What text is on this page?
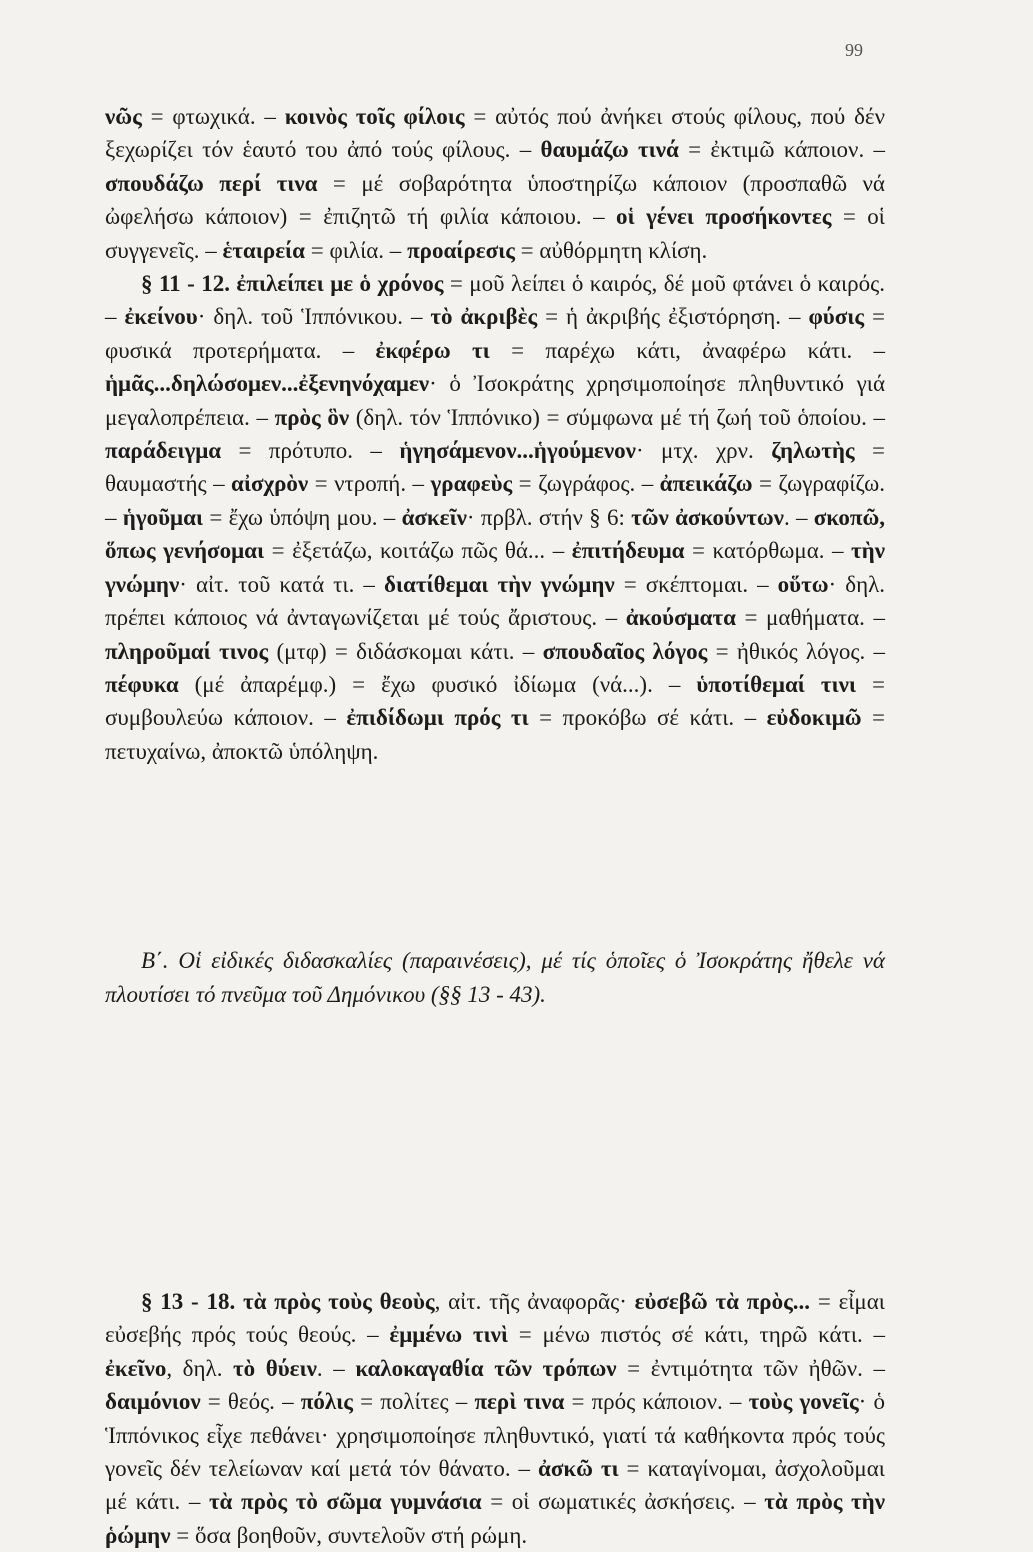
99

νῶς = φτωχικά. – κοινὸς τοῖς φίλοις = αὐτός πού ἀνήκει στούς φίλους, πού δέν ξεχωρίζει τόν ἑαυτό του ἀπό τούς φίλους. – θαυμάζω τινά = ἐκτιμῶ κάποιον. – σπουδάζω περί τινα = μέ σοβαρότητα ὑποστηρίζω κάποιον (προσπαθῶ νά ὠφελήσω κάποιον) = ἐπιζητῶ τή φιλία κάποιου. – οἱ γένει προσήκοντες = οἱ συγγενεῖς. – ἑταιρεία = φιλία. – προαίρεσις = αὐθόρμητη κλίση.

§ 11 - 12. ἐπιλείπει με ὁ χρόνος = μοῦ λείπει ὁ καιρός, δέ μοῦ φτάνει ὁ καιρός. – ἐκείνου· δηλ. τοῦ Ἱππόνικου. – τὸ ἀκριβὲς = ἡ ἀκριβής ἐξιστόρηση. – φύσις = φυσικά προτερήματα. – ἐκφέρω τι = παρέχω κάτι, ἀναφέρω κάτι. – ἡμᾶς...δηλώσομεν...ἐξενηνόχαμεν· ὁ Ἰσοκράτης χρησιμοποίησε πληθυντικό γιά μεγαλοπρέπεια. – πρὸς ὃν (δηλ. τόν Ἱππόνικο) = σύμφωνα μέ τή ζωή τοῦ ὁποίου. – παράδειγμα = πρότυπο. – ἡγησάμενον...ἡγούμενον· μτχ. χρν. ζηλωτὴς = θαυμαστής – αἰσχρὸν = ντροπή. – γραφεὺς = ζωγράφος. – ἀπεικάζω = ζωγραφίζω. – ἡγοῦμαι = ἔχω ὑπόψη μου. – ἀσκεῖν· πρβλ. στήν § 6: τῶν ἀσκούντων. – σκοπῶ, ὅπως γενήσομαι = ἐξετάζω, κοιτάζω πῶς θά... – ἐπιτήδευμα = κατόρθωμα. – τὴν γνώμην· αἰτ. τοῦ κατά τι. – διατίθεμαι τὴν γνώμην = σκέπτομαι. – οὕτω· δηλ. πρέπει κάποιος νά ἀνταγωνίζεται μέ τούς ἄριστους. – ἀκούσματα = μαθήματα. – πληροῦμαί τινος (μτφ) = διδάσκομαι κάτι. – σπουδαῖος λόγος = ἠθικός λόγος. – πέφυκα (μέ ἀπαρέμφ.) = ἔχω φυσικό ἰδίωμα (νά...). – ὑποτίθεμαί τινι = συμβουλεύω κάποιον. – ἐπιδίδωμι πρός τι = προκόβω σέ κάτι. – εὐδοκιμῶ = πετυχαίνω, ἀποκτῶ ὑπόληψη.

Β΄. Οἱ εἰδικές διδασκαλίες (παραινέσεις), μέ τίς ὁποῖες ὁ Ἰσοκράτης ἤθελε νά πλουτίσει τό πνεῦμα τοῦ Δημόνικου (§§ 13 - 43).

§ 13 - 18. τὰ πρὸς τοὺς θεοὺς, αἰτ. τῆς ἀναφορᾶς· εὐσεβῶ τὰ πρὸς... = εἶμαι εὐσεβής πρός τούς θεούς. – ἐμμένω τινὶ = μένω πιστός σέ κάτι, τηρῶ κάτι. – ἐκεῖνο, δηλ. τὸ θύειν. – καλοκαγαθία τῶν τρόπων = ἐντιμότητα τῶν ἠθῶν. – δαιμόνιον = θεός. – πόλις = πολίτες – περὶ τινα = πρός κάποιον. – τοὺς γονεῖς· ὁ Ἱππόνικος εἶχε πεθάνει· χρησιμοποίησε πληθυντικό, γιατί τά καθήκοντα πρός τούς γονεῖς δέν τελείωναν καί μετά τόν θάνατο. – ἀσκῶ τι = καταγίνομαι, ἀσχολοῦμαι μέ κάτι. – τὰ πρὸς τὸ σῶμα γυμνάσια = οἱ σωματικές ἀσκήσεις. – τὰ πρὸς τὴν ῥώμην = ὅσα βοηθοῦν, συντελοῦν στή ρώμη.
